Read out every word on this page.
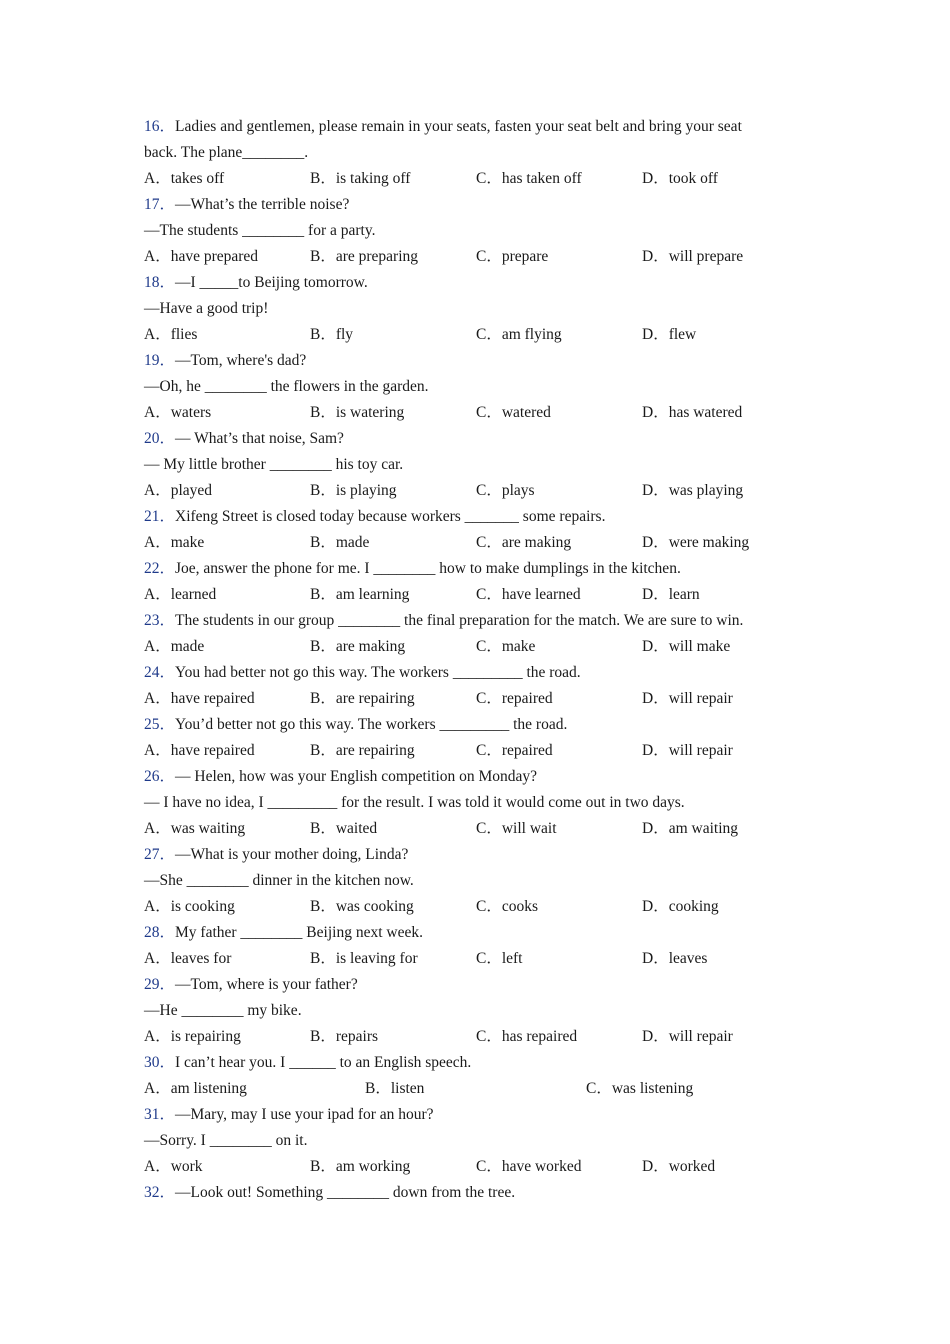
16．Ladies and gentlemen, please remain in your seats, fasten your seat belt and bring your seat
back. The plane________.
A．takes off	B．is taking off	C．has taken off	D．took off
17．—What’s the terrible noise?
—The students ________ for a party.
A．have prepared	B．are preparing	C．prepare	D．will prepare
18．—I _____to Beijing tomorrow.
—Have a good trip!
A．flies	B．fly	C．am flying	D．flew
19．—Tom, where's dad?
—Oh, he ________ the flowers in the garden.
A．waters	B．is watering	C．watered	D．has watered
20．— What’s that noise, Sam?
— My little brother ________ his toy car.
A．played	B．is playing	C．plays	D．was playing
21．Xifeng Street is closed today because workers _______ some repairs.
A．make	B．made	C．are making	D．were making
22．Joe, answer the phone for me. I ________ how to make dumplings in the kitchen.
A．learned	B．am learning	C．have learned	D．learn
23．The students in our group ________ the final preparation for the match. We are sure to win.
A．made	B．are making	C．make	D．will make
24．You had better not go this way. The workers _________ the road.
A．have repaired	B．are repairing	C．repaired	D．will repair
25．You’d better not go this way. The workers _________ the road.
A．have repaired	B．are repairing	C．repaired	D．will repair
26．— Helen, how was your English competition on Monday?
— I have no idea, I _________ for the result. I was told it would come out in two days.
A．was waiting	B．waited	C．will wait	D．am waiting
27．—What is your mother doing, Linda?
—She ________ dinner in the kitchen now.
A．is cooking	B．was cooking	C．cooks	D．cooking
28．My father ________ Beijing next week.
A．leaves for	B．is leaving for	C．left	D．leaves
29．—Tom, where is your father?
—He ________ my bike.
A．is repairing	B．repairs	C．has repaired	D．will repair
30．I can’t hear you. I ______ to an English speech.
A．am listening	B．listen	C．was listening
31．—Mary, may I use your ipad for an hour?
—Sorry. I ________ on it.
A．work	B．am working	C．have worked	D．worked
32．—Look out! Something ________ down from the tree.
